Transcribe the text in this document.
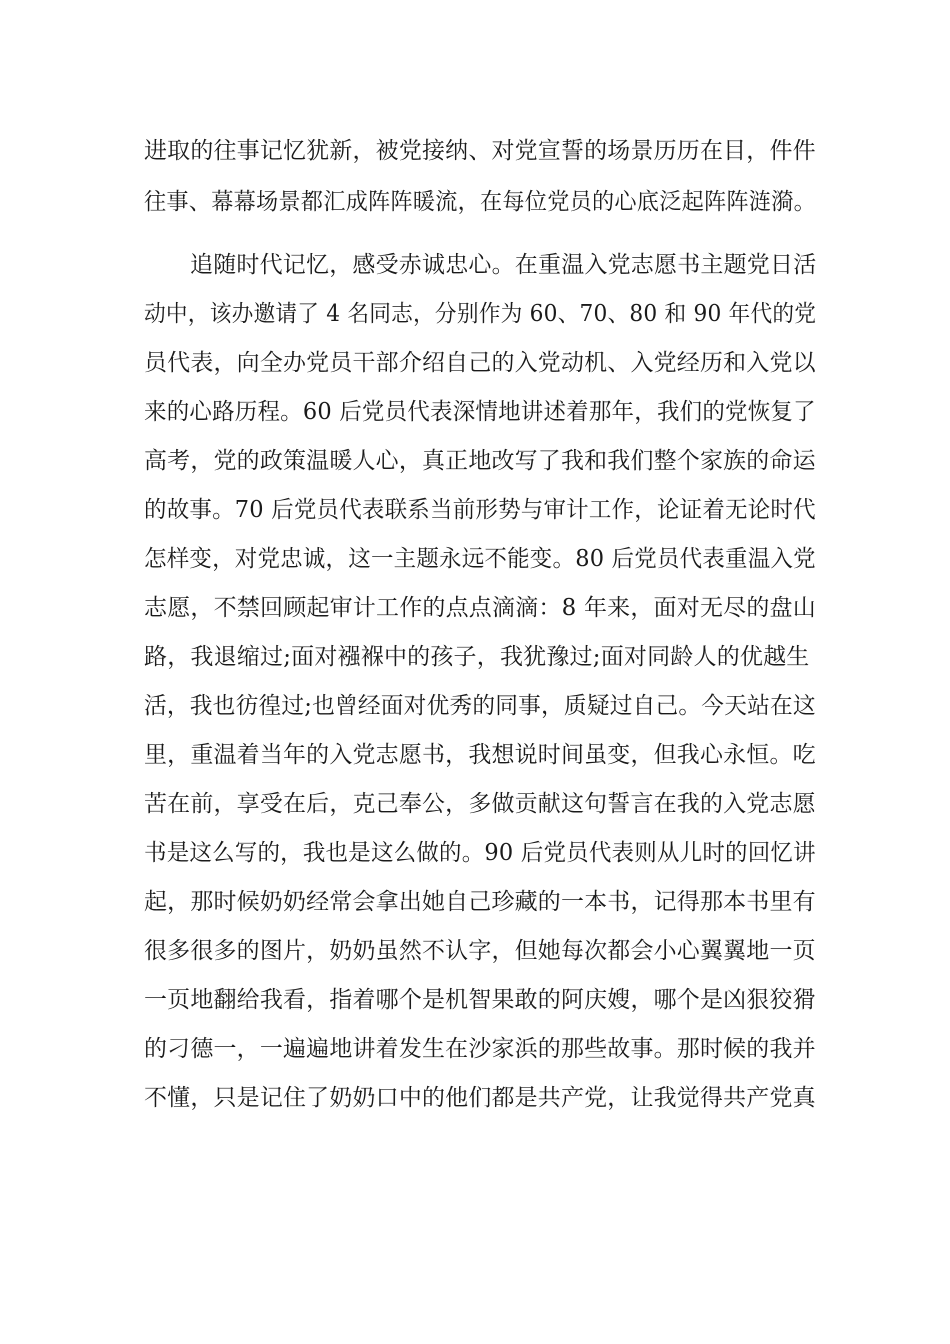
进取的往事记忆犹新，被党接纳、对党宣誓的场景历历在目，件件
往事、幕幕场景都汇成阵阵暖流，在每位党员的心底泛起阵阵涟漪。
追随时代记忆，感受赤诚忠心。在重温入党志愿书主题党日活
动中，该办邀请了 4 名同志，分别作为 60、70、80 和 90 年代的党
员代表，向全办党员干部介绍自己的入党动机、入党经历和入党以
来的心路历程。60 后党员代表深情地讲述着那年，我们的党恢复了
高考，党的政策温暖人心，真正地改写了我和我们整个家族的命运
的故事。70 后党员代表联系当前形势与审计工作，论证着无论时代
怎样变，对党忠诚，这一主题永远不能变。80 后党员代表重温入党
志愿，不禁回顾起审计工作的点点滴滴：8 年来，面对无尽的盘山
路，我退缩过;面对襁褓中的孩子，我犹豫过;面对同龄人的优越生
活，我也彷徨过;也曾经面对优秀的同事，质疑过自己。今天站在这
里，重温着当年的入党志愿书，我想说时间虽变，但我心永恒。吃
苦在前，享受在后，克己奉公，多做贡献这句誓言在我的入党志愿
书是这么写的，我也是这么做的。90 后党员代表则从儿时的回忆讲
起，那时候奶奶经常会拿出她自己珍藏的一本书，记得那本书里有
很多很多的图片，奶奶虽然不认字，但她每次都会小心翼翼地一页
一页地翻给我看，指着哪个是机智果敢的阿庆嫂，哪个是凶狠狡猾
的刁德一，一遍遍地讲着发生在沙家浜的那些故事。那时候的我并
不懂，只是记住了奶奶口中的他们都是共产党，让我觉得共产党真
